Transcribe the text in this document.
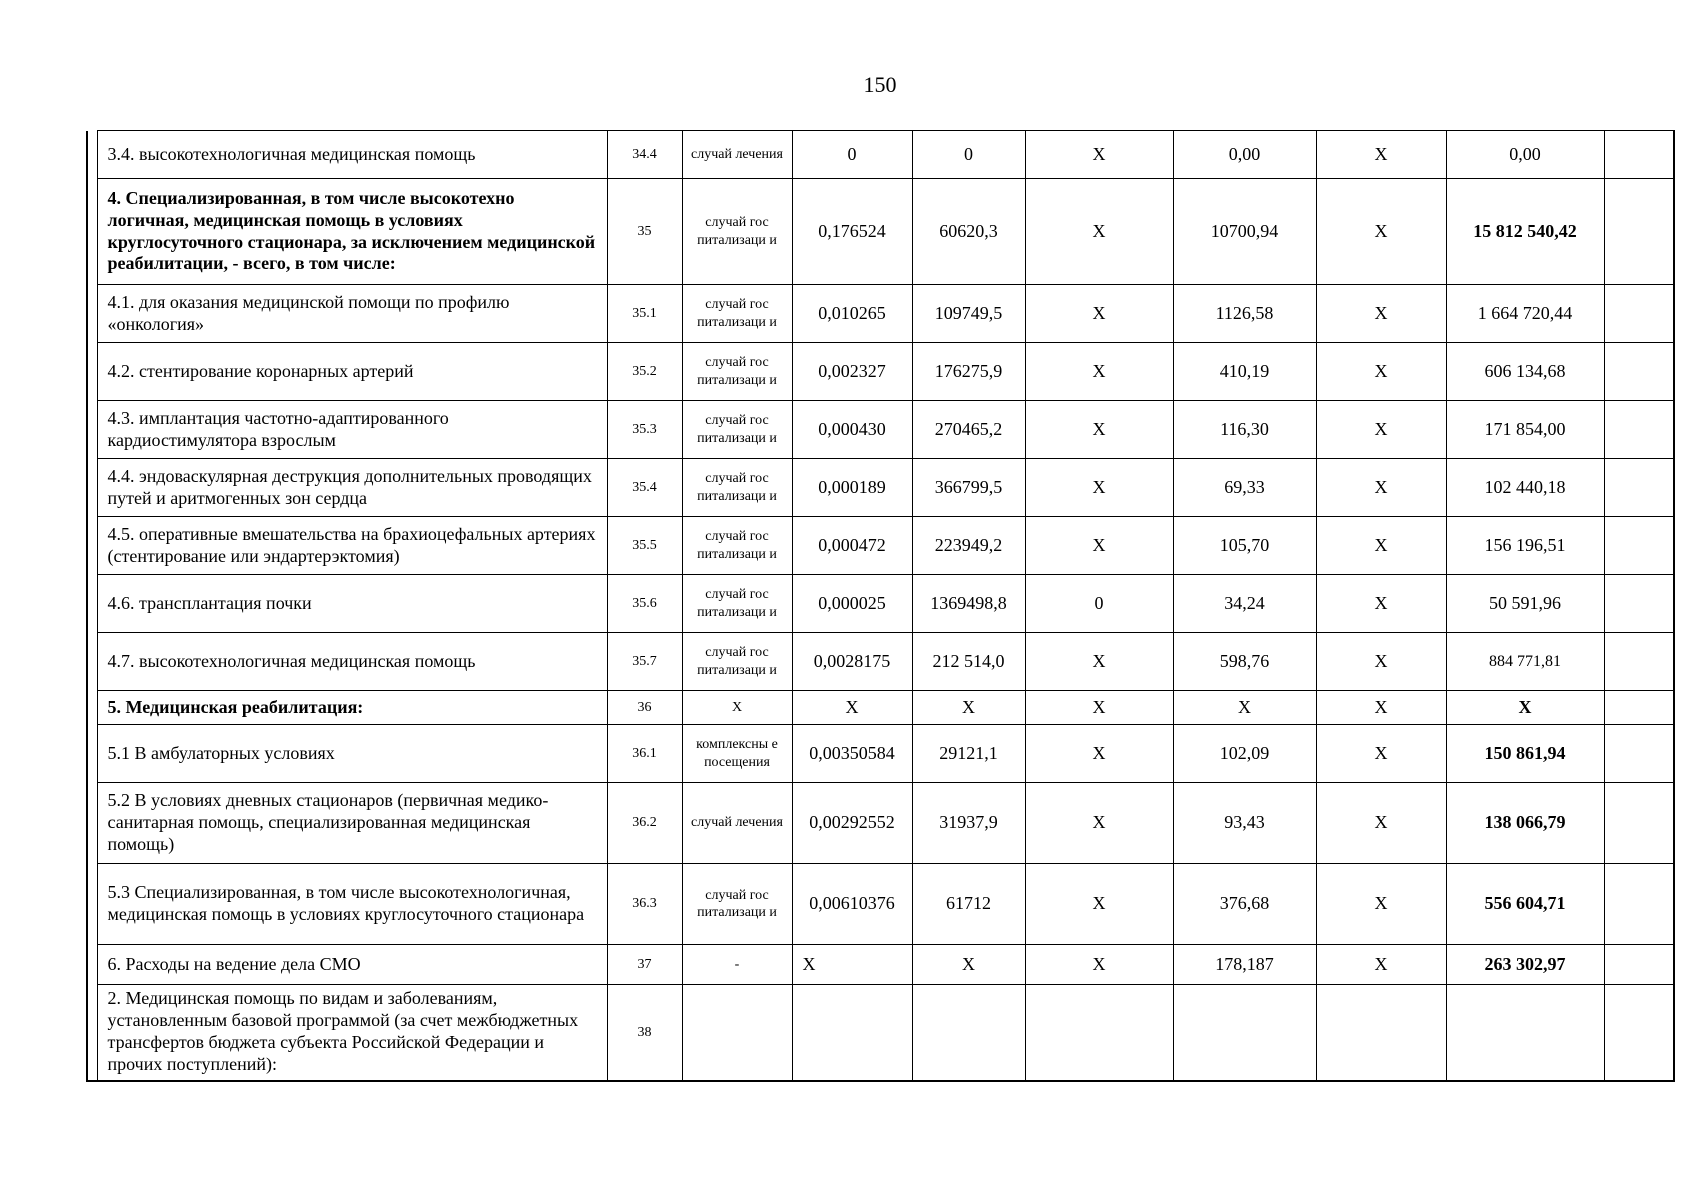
150
	3.4. высокотехнологичная медицинская помощь	34.4	случай лечения	0	0	Х	0,00	Х	0,00	
	4. Специализированная, в том числе высокотехно логичная, медицинская помощь в условиях круглосуточного стационара, за исключением медицинской реабилитации, - всего, в том числе:	35	случай гос питализаци и	0,176524	60620,3	Х	10700,94	Х	15 812 540,42	
	4.1. для оказания медицинской помощи по профилю «онкология»	35.1	случай гос питализаци и	0,010265	109749,5	Х	1126,58	Х	1 664 720,44	
	4.2. стентирование коронарных артерий	35.2	случай гос питализаци и	0,002327	176275,9	Х	410,19	Х	606 134,68	
	4.3. имплантация частотно-адаптированного кардиостимулятора взрослым	35.3	случай гос питализаци и	0,000430	270465,2	Х	116,30	Х	171 854,00	
	4.4. эндоваскулярная деструкция дополнительных проводящих путей и аритмогенных зон сердца	35.4	случай гос питализаци и	0,000189	366799,5	Х	69,33	Х	102 440,18	
	4.5. оперативные вмешательства на брахиоцефальных артериях (стентирование или эндартерэктомия)	35.5	случай гос питализаци и	0,000472	223949,2	Х	105,70	Х	156 196,51	
	4.6. трансплантация почки	35.6	случай гос питализаци и	0,000025	1369498,8	0	34,24	Х	50 591,96	
	4.7. высокотехнологичная медицинская помощь	35.7	случай гос питализаци и	0,0028175	212 514,0	Х	598,76	Х	884 771,81	
	5. Медицинская реабилитация:	36	Х	Х	Х	Х	Х	Х	Х	
	5.1 В амбулаторных условиях	36.1	комплексны е посещения	0,00350584	29121,1	Х	102,09	Х	150 861,94	
	5.2 В условиях дневных стационаров (первичная медико-санитарная помощь, специализированная медицинская помощь)	36.2	случай лечения	0,00292552	31937,9	Х	93,43	Х	138 066,79	
	5.3 Специализированная, в том числе высокотехнологичная, медицинская помощь в условиях круглосуточного стационара	36.3	случай гос питализаци и	0,00610376	61712	Х	376,68	Х	556 604,71	
	6. Расходы на ведение дела СМО	37	-	Х	Х	Х	178,187	Х	263 302,97	
	2. Медицинская помощь по видам и заболеваниям, установленным базовой программой (за счет межбюджетных трансфертов бюджета субъекта Российской Федерации и прочих поступлений):	38								
